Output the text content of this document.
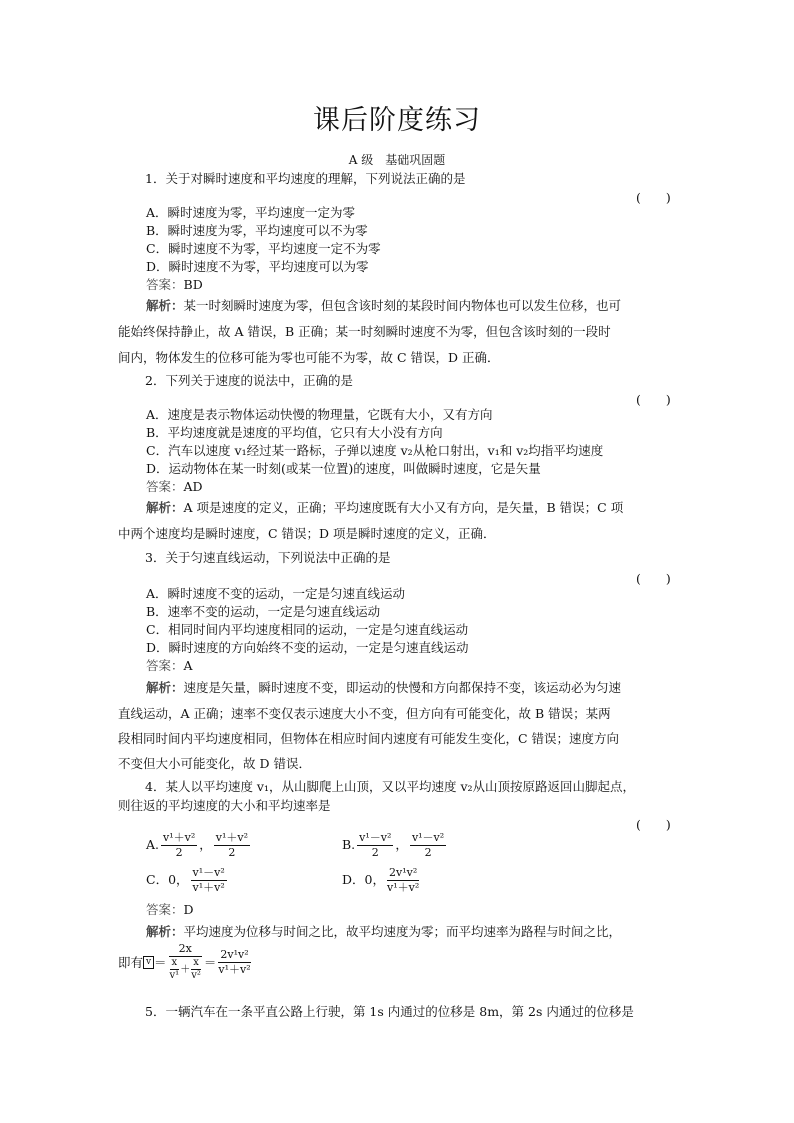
课后阶度练习
A 级　基础巩固题
1．关于对瞬时速度和平均速度的理解，下列说法正确的是
(　　)
A．瞬时速度为零，平均速度一定为零
B．瞬时速度为零，平均速度可以不为零
C．瞬时速度不为零，平均速度一定不为零
D．瞬时速度不为零，平均速度可以为零
答案：BD
解析：某一时刻瞬时速度为零，但包含该时刻的某段时间内物体也可以发生位移，也可
能始终保持静止，故 A 错误，B 正确；某一时刻瞬时速度不为零，但包含该时刻的一段时
间内，物体发生的位移可能为零也可能不为零，故 C 错误，D 正确．
2．下列关于速度的说法中，正确的是
(　　)
A．速度是表示物体运动快慢的物理量，它既有大小，又有方向
B．平均速度就是速度的平均值，它只有大小没有方向
C．汽车以速度 v₁经过某一路标，子弹以速度 v₂从枪口射出，v₁和 v₂均指平均速度
D．运动物体在某一时刻(或某一位置)的速度，叫做瞬时速度，它是矢量
答案：AD
解析：A 项是速度的定义，正确；平均速度既有大小又有方向，是矢量，B 错误；C 项
中两个速度均是瞬时速度，C 错误；D 项是瞬时速度的定义，正确．
3．关于匀速直线运动，下列说法中正确的是
(　　)
A．瞬时速度不变的运动，一定是匀速直线运动
B．速率不变的运动，一定是匀速直线运动
C．相同时间内平均速度相同的运动，一定是匀速直线运动
D．瞬时速度的方向始终不变的运动，一定是匀速直线运动
答案：A
解析：速度是矢量，瞬时速度不变，即运动的快慢和方向都保持不变，该运动必为匀速
直线运动，A 正确；速率不变仅表示速度大小不变，但方向有可能变化，故 B 错误；某两
段相同时间内平均速度相同，但物体在相应时间内速度有可能发生变化，C 错误；速度方向
不变但大小可能变化，故 D 错误．
4．某人以平均速度 v₁，从山脚爬上山顶，又以平均速度 v₂从山顶按原路返回山脚起点，
则往返的平均速度的大小和平均速率是
(　　)
A. $\frac{\text{v¹＋v²}}{2}$ ， $\frac{\text{v¹＋v²}}{2}$	B. $\frac{\text{v¹－v²}}{2}$ ， $\frac{\text{v¹－v²}}{2}$
C．0， $\frac{\text{v¹－v²}}{\text{v¹＋v²}}$	D．0， $\frac{\text{2v¹v²}}{\text{v¹＋v²}}$
答案：D
解析：平均速度为位移与时间之比，故平均速度为零；而平均速率为路程与时间之比，
即有 $v = \frac{2x}{\frac{x}{\text{v¹}} + \frac{x}{\text{v²}}} = \frac{\text{2v¹v²}}{\text{v¹＋v²}}$
5．一辆汽车在一条平直公路上行驶，第 1s 内通过的位移是 8m，第 2s 内通过的位移是
